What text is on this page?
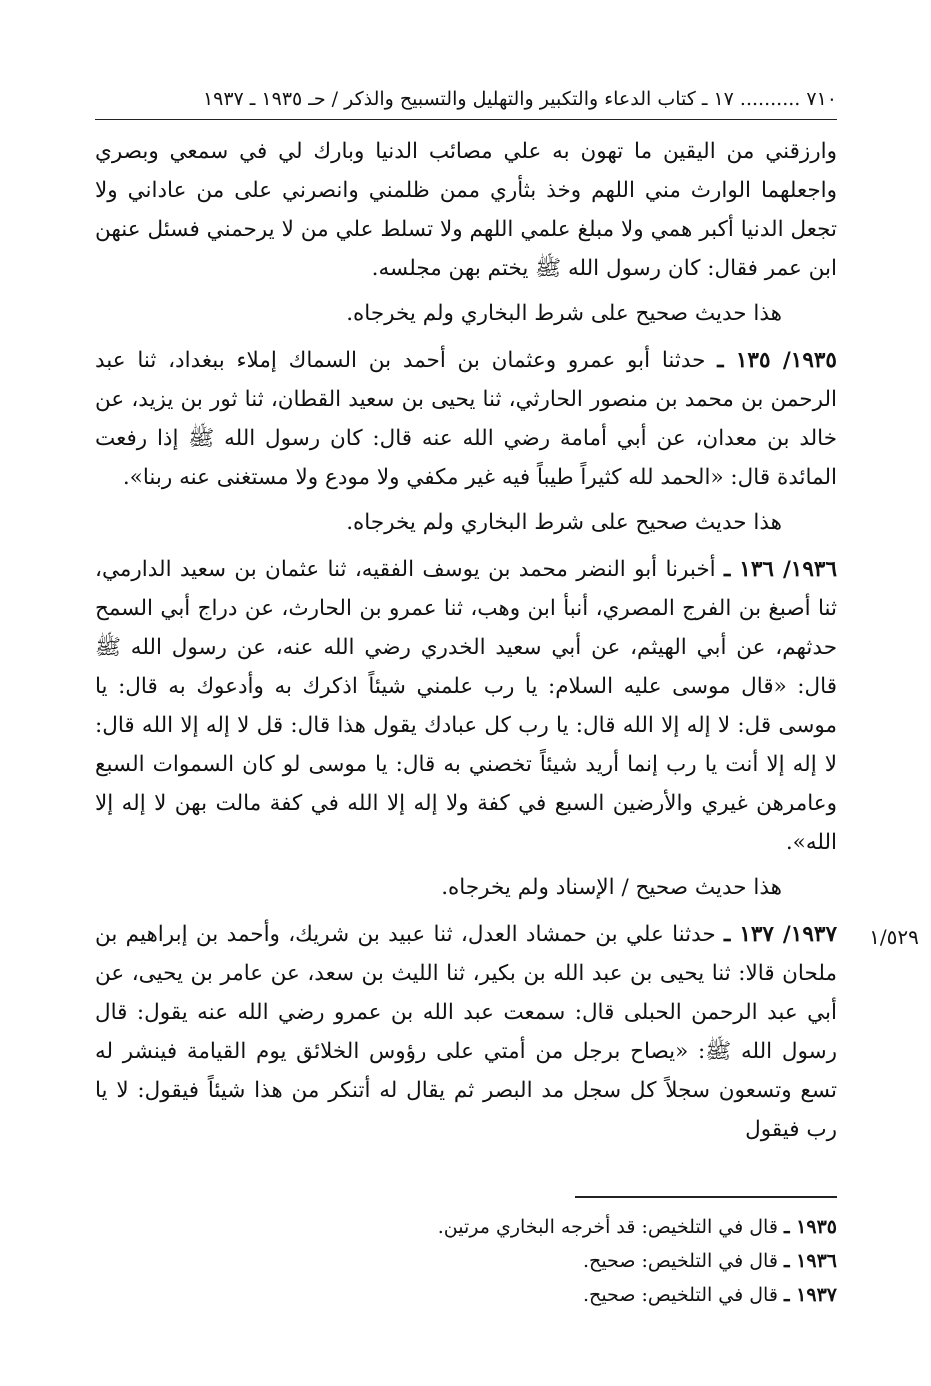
٧١٠ .......... ١٧ ـ كتاب الدعاء والتكبير والتهليل والتسبيح والذكر / حـ ١٩٣٥ ـ ١٩٣٧

وارزقني من اليقين ما تهون به علي مصائب الدنيا وبارك لي في سمعي وبصري واجعلهما الوارث مني اللهم وخذ بثأري ممن ظلمني وانصرني على من عاداني ولا تجعل الدنيا أكبر همي ولا مبلغ علمي اللهم ولا تسلط علي من لا يرحمني فسئل عنهن ابن عمر فقال: كان رسول الله ﷺ يختم بهن مجلسه.

هذا حديث صحيح على شرط البخاري ولم يخرجاه.

١٩٣٥/ ١٣٥ ـ حدثنا أبو عمرو وعثمان بن أحمد بن السماك إملاء ببغداد، ثنا عبد الرحمن بن محمد بن منصور الحارثي، ثنا يحيى بن سعيد القطان، ثنا ثور بن يزيد، عن خالد بن معدان، عن أبي أمامة رضي الله عنه قال: كان رسول الله ﷺ إذا رفعت المائدة قال: «الحمد لله كثيراً طيباً فيه غير مكفي ولا مودع ولا مستغنى عنه ربنا».

هذا حديث صحيح على شرط البخاري ولم يخرجاه.

١٩٣٦/ ١٣٦ ـ أخبرنا أبو النضر محمد بن يوسف الفقيه، ثنا عثمان بن سعيد الدارمي، ثنا أصبغ بن الفرج المصري، أنبأ ابن وهب، ثنا عمرو بن الحارث، عن دراج أبي السمح حدثهم، عن أبي الهيثم، عن أبي سعيد الخدري رضي الله عنه، عن رسول الله ﷺ قال: «قال موسى عليه السلام: يا رب علمني شيئاً اذكرك به وأدعوك به قال: يا موسى قل: لا إله إلا الله قال: يا رب كل عبادك يقول هذا قال: قل لا إله إلا الله قال: لا إله إلا أنت يا رب إنما أريد شيئاً تخصني به قال: يا موسى لو كان السموات السبع وعامرهن غيري والأرضين السبع في كفة ولا إله إلا الله في كفة مالت بهن لا إله إلا الله».

هذا حديث صحيح / الإسناد ولم يخرجاه.

١٩٣٧/ ١٣٧ ـ حدثنا علي بن حمشاد العدل، ثنا عبيد بن شريك، وأحمد بن إبراهيم بن ملحان قالا: ثنا يحيى بن عبد الله بن بكير، ثنا الليث بن سعد، عن عامر بن يحيى، عن أبي عبد الرحمن الحبلى قال: سمعت عبد الله بن عمرو رضي الله عنه يقول: قال رسول الله ﷺ: «يصاح برجل من أمتي على رؤوس الخلائق يوم القيامة فينشر له تسع وتسعون سجلاً كل سجل مد البصر ثم يقال له أتنكر من هذا شيئاً فيقول: لا يا رب فيقول

١/٥٢٩
١٩٣٥ ـ قال في التلخيص: قد أخرجه البخاري مرتين.
١٩٣٦ ـ قال في التلخيص: صحيح.
١٩٣٧ ـ قال في التلخيص: صحيح.
